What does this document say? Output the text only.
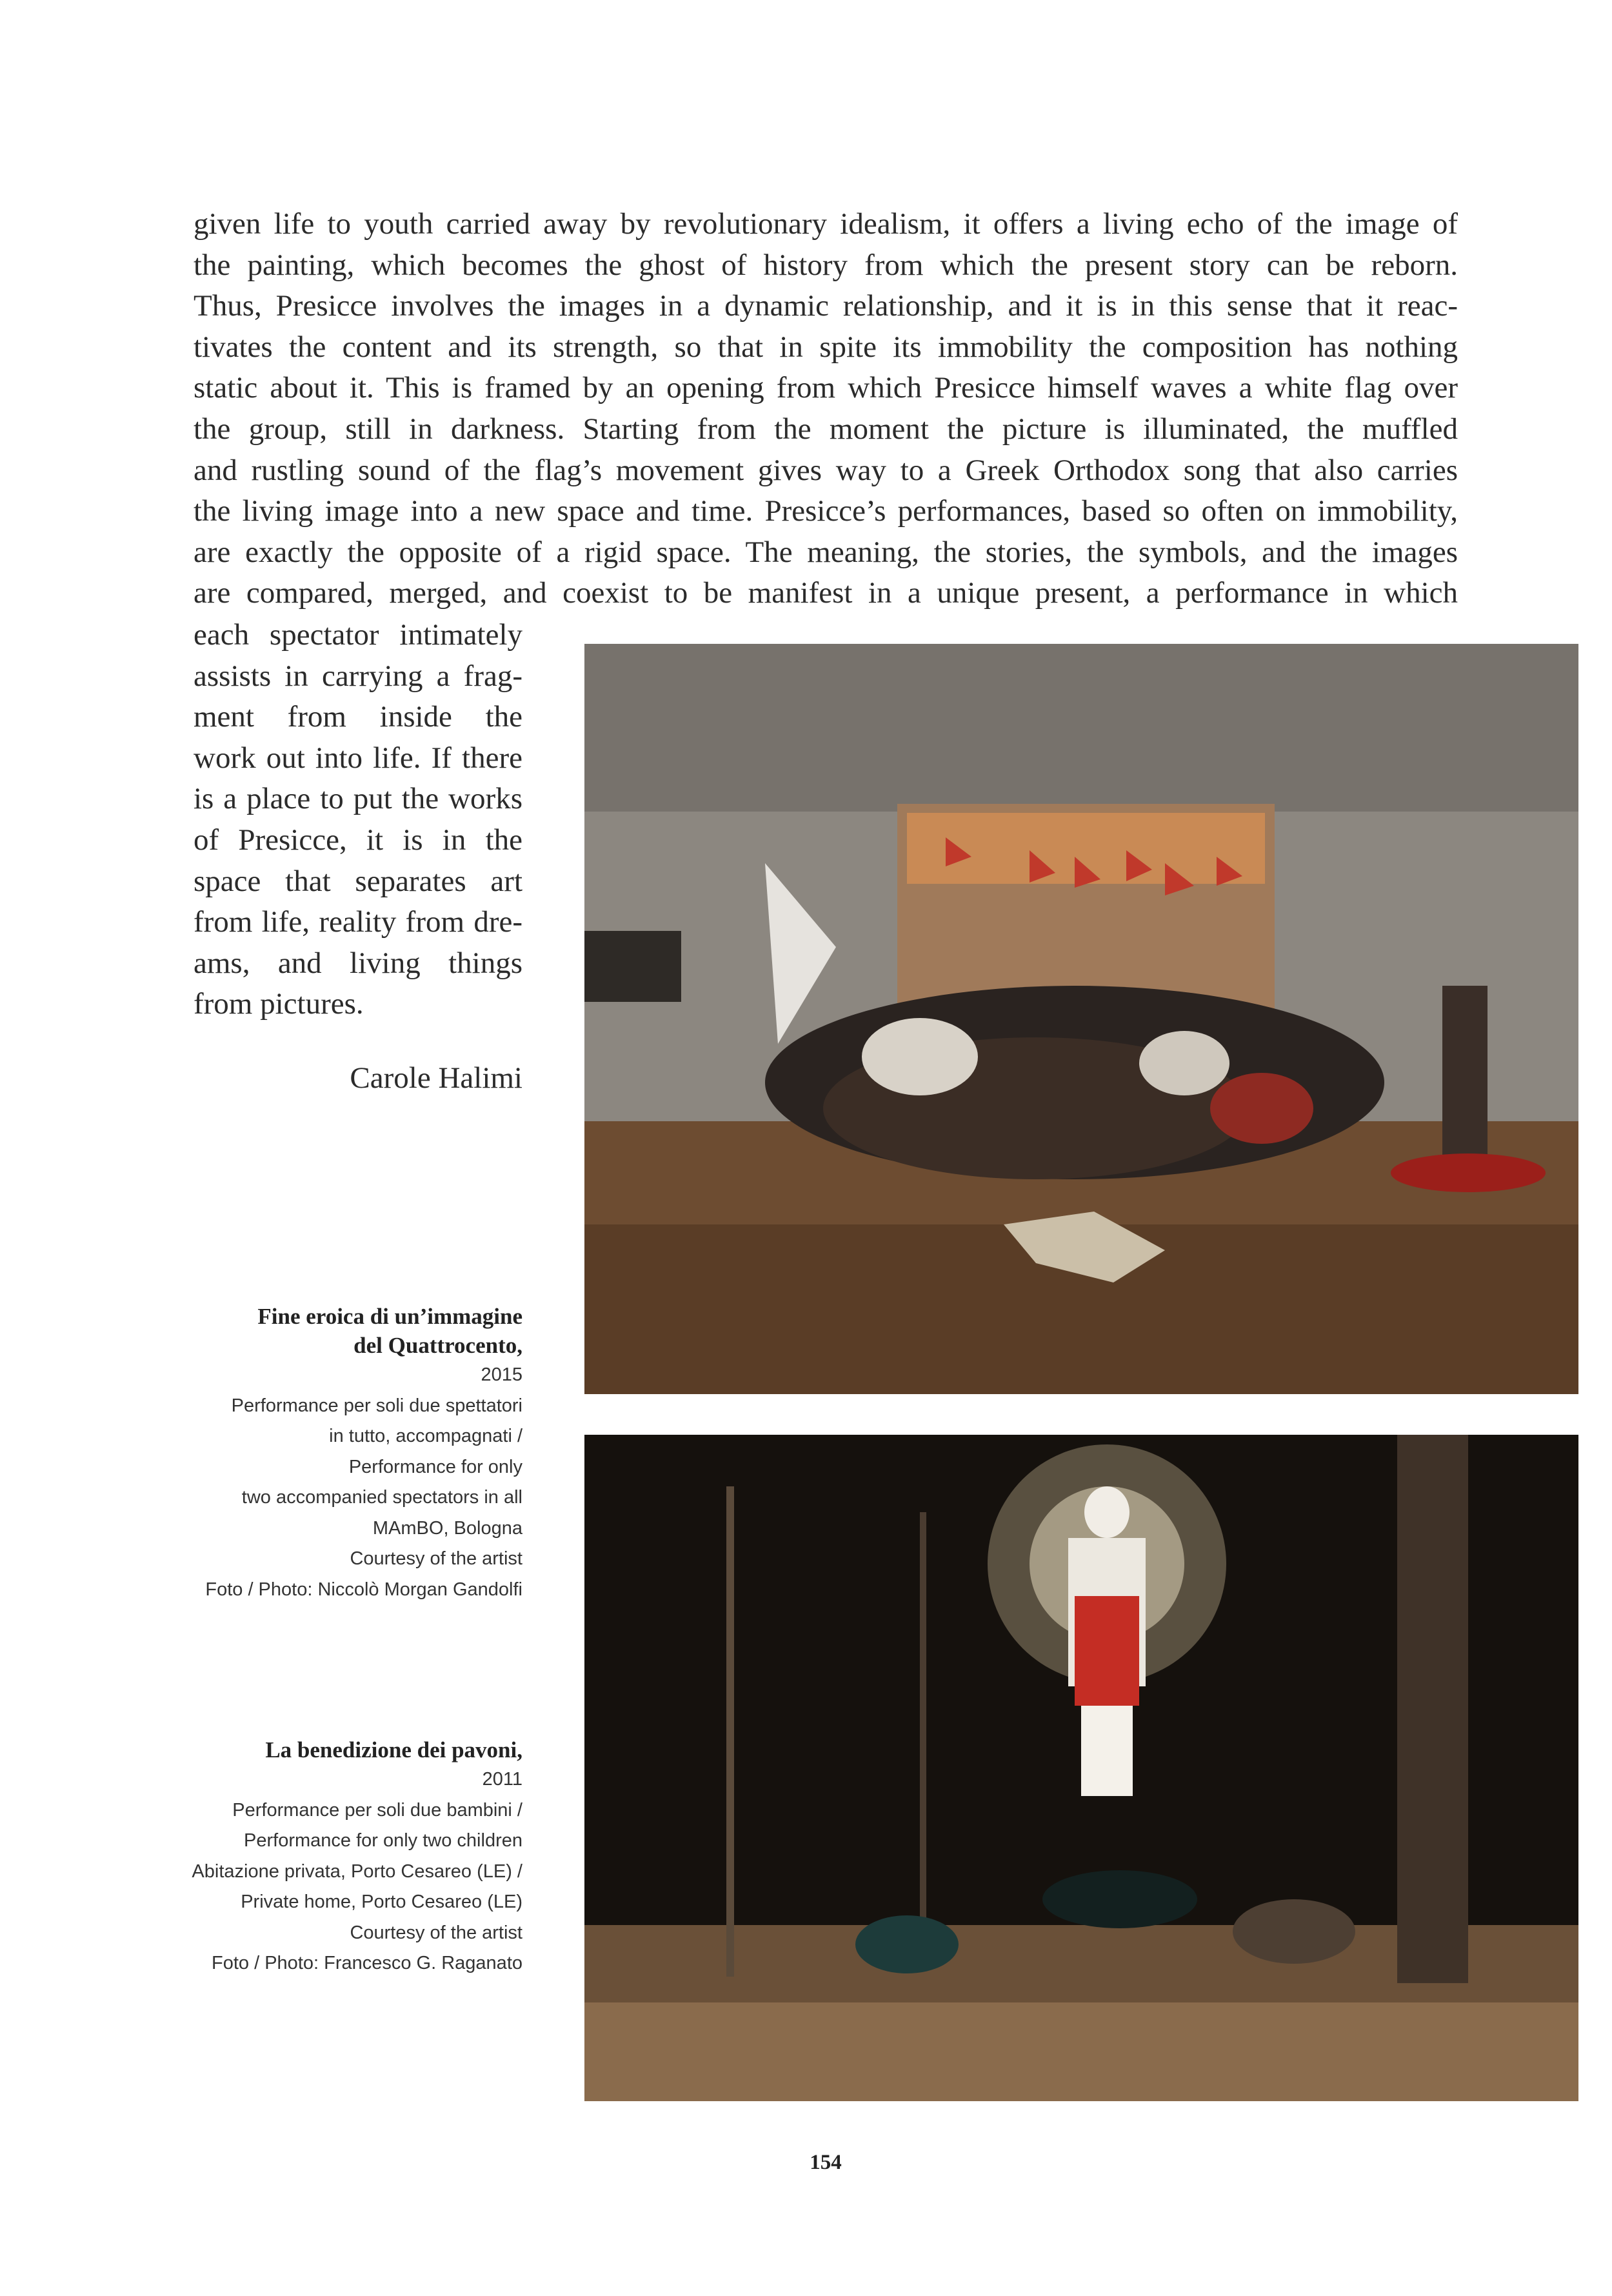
given life to youth carried away by revolutionary idealism, it offers a living echo of the image of
the painting, which becomes the ghost of history from which the present story can be reborn.
Thus, Presicce involves the images in a dynamic relationship, and it is in this sense that it reac-
tivates the content and its strength, so that in spite its immobility the composition has nothing
static about it. This is framed by an opening from which Presicce himself waves a white flag over
the group, still in darkness. Starting from the moment the picture is illuminated, the muffled
and rustling sound of the flag’s movement gives way to a Greek Orthodox song that also carries
the living image into a new space and time. Presicce’s performances, based so often on immobility,
are exactly the opposite of a rigid space. The meaning, the stories, the symbols, and the images
are compared, merged, and coexist to be manifest in a unique present, a performance in which
each spectator intimately
assists in carrying a frag-
ment from inside the
work out into life. If there
is a place to put the works
of Presicce, it is in the
space that separates art
from life, reality from dre-
ams, and living things
from pictures.
Carole Halimi
Fine eroica di un’immagine
del Quattrocento,
2015
Performance per soli due spettatori
in tutto, accompagnati /
Performance for only
two accompanied spectators in all
MAmBO, Bologna
Courtesy of the artist
Foto / Photo: Niccolò Morgan Gandolfi
La benedizione dei pavoni,
2011
Performance per soli due bambini /
Performance for only two children
Abitazione privata, Porto Cesareo (LE) /
Private home, Porto Cesareo (LE)
Courtesy of the artist
Foto / Photo: Francesco G. Raganato
154
